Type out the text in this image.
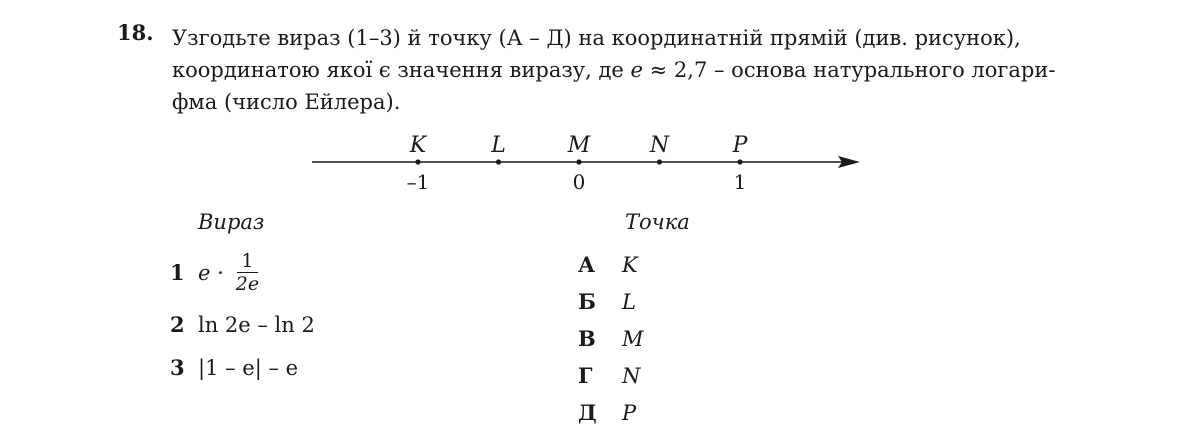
18. Узгодьте вираз (1–3) й точку (А – Д) на координатній прямій (див. рисунок),

координатою якої є значення виразу, де e ≈ 2,7 – основа натурального логари-

фма (число Ейлера).

K	L	M	N	P
–1	0	1
Вираз	Точка
1 $e \cdot \frac{1}{2e}$
2 ln 2e – ln 2
3 |1 – e| – e
А	K
Б	L
В	M
Г	N
Д	P
